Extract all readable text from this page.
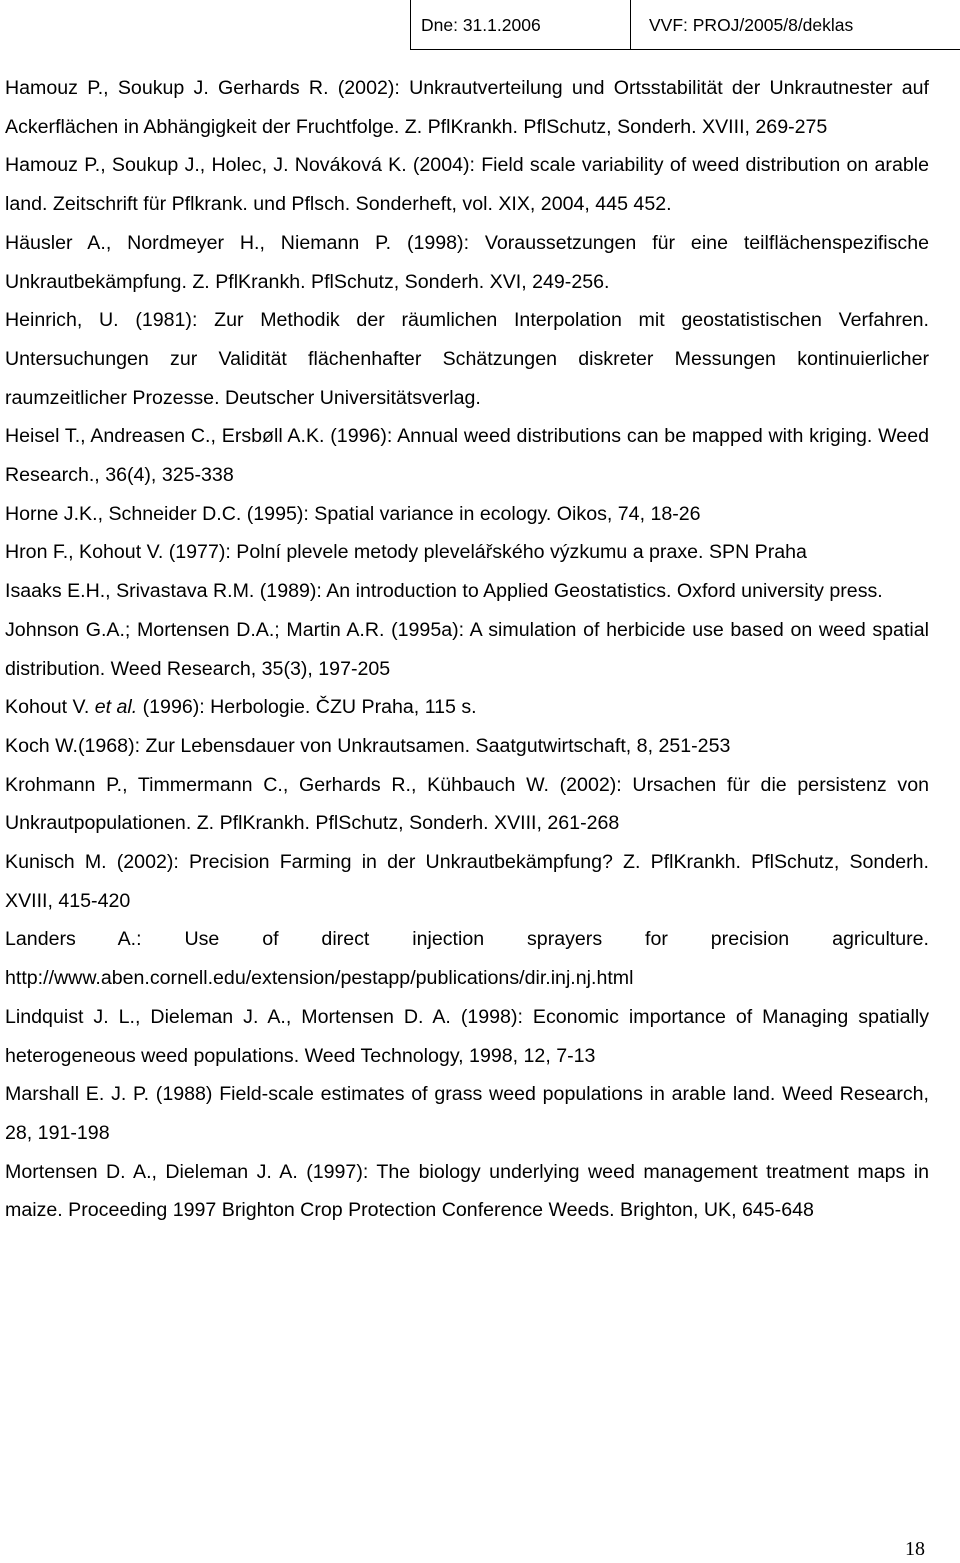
Dne: 31.1.2006	VVF: PROJ/2005/8/deklas

Hamouz P., Soukup J. Gerhards R. (2002): Unkrautverteilung und Ortsstabilität der Unkrautnester auf Ackerflächen in Abhängigkeit der Fruchtfolge. Z. PflKrankh. PflSchutz, Sonderh. XVIII, 269-275

Hamouz P., Soukup J., Holec, J. Nováková K. (2004): Field scale variability of weed distribution on arable land. Zeitschrift für Pflkrank. und Pflsch. Sonderheft, vol. XIX, 2004, 445 452.

Häusler A., Nordmeyer H., Niemann P. (1998): Voraussetzungen für eine teilflächenspezifische Unkrautbekämpfung. Z. PflKrankh. PflSchutz, Sonderh. XVI, 249-256.

Heinrich, U. (1981): Zur Methodik der räumlichen Interpolation mit geostatistischen Verfahren. Untersuchungen zur Validität flächenhafter Schätzungen diskreter Messungen kontinuierlicher raumzeitlicher Prozesse. Deutscher Universitätsverlag.

Heisel T., Andreasen C., Ersbøll A.K. (1996): Annual weed distributions can be mapped with kriging. Weed Research., 36(4), 325-338

Horne J.K., Schneider D.C. (1995): Spatial variance in ecology. Oikos, 74, 18-26

Hron F., Kohout V. (1977): Polní plevele metody plevelářského výzkumu a praxe. SPN Praha

Isaaks E.H., Srivastava R.M. (1989): An introduction to Applied Geostatistics. Oxford university press.

Johnson G.A.; Mortensen D.A.; Martin A.R. (1995a): A simulation of herbicide use based on weed spatial distribution. Weed Research, 35(3), 197-205

Kohout V. et al. (1996): Herbologie. ČZU Praha, 115 s.

Koch W.(1968): Zur Lebensdauer von Unkrautsamen. Saatgutwirtschaft, 8, 251-253

Krohmann P., Timmermann C., Gerhards R., Kühbauch W. (2002): Ursachen für die persistenz von Unkrautpopulationen. Z. PflKrankh. PflSchutz, Sonderh. XVIII, 261-268

Kunisch M. (2002): Precision Farming in der Unkrautbekämpfung? Z. PflKrankh. PflSchutz, Sonderh. XVIII, 415-420

Landers A.: Use of direct injection sprayers for precision agriculture. http://www.aben.cornell.edu/extension/pestapp/publications/dir.inj.nj.html

Lindquist J. L., Dieleman J. A., Mortensen D. A. (1998): Economic importance of Managing spatially heterogeneous weed populations. Weed Technology, 1998, 12, 7-13

Marshall E. J. P. (1988) Field-scale estimates of grass weed populations in arable land. Weed Research, 28, 191-198

Mortensen D. A., Dieleman J. A. (1997): The biology underlying weed management treatment maps in maize. Proceeding 1997 Brighton Crop Protection Conference Weeds. Brighton, UK, 645-648

18
